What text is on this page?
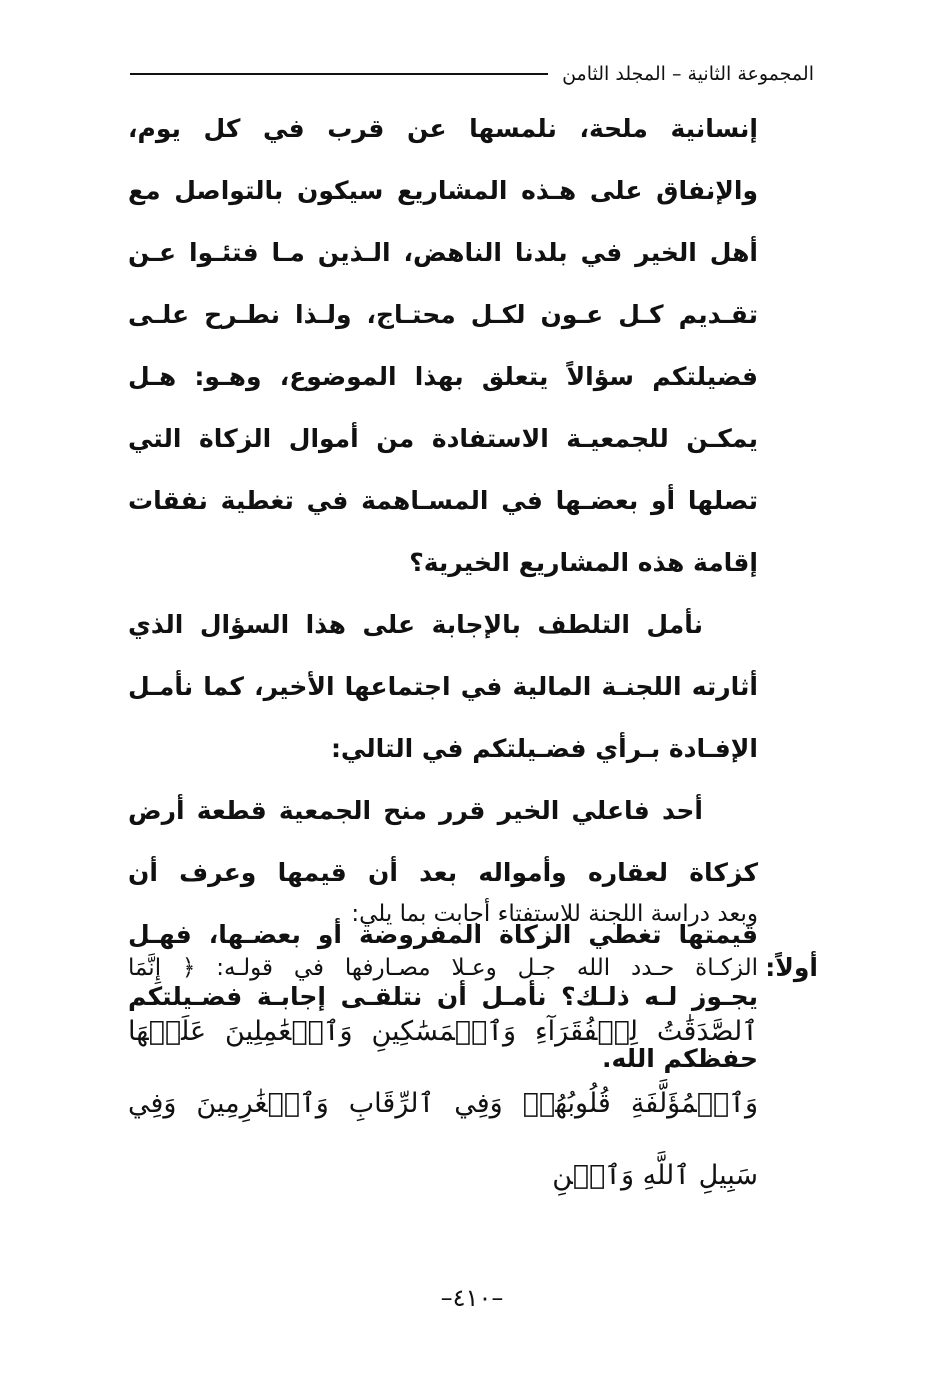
المجموعة الثانية – المجلد الثامن

إنسانية ملحة، نلمسها عن قرب في كل يوم، والإنفاق على هـذه المشاريع سيكون بالتواصل مع أهل الخير في بلدنا الناهض، الـذين مـا فتئـوا عـن تقـديم كـل عـون لكـل محتـاج، ولـذا نطـرح علـى فضيلتكم سؤالاً يتعلق بهذا الموضوع، وهـو: هـل يمكـن للجمعيـة الاستفادة من أموال الزكاة التي تصلها أو بعضـها في المسـاهمة في تغطية نفقات إقامة هذه المشاريع الخيرية؟

نأمل التلطف بالإجابة على هذا السؤال الذي أثارته اللجنـة المالية في اجتماعها الأخير، كما نأمـل الإفـادة بـرأي فضـيلتكم في التالي:

أحد فاعلي الخير قرر منح الجمعية قطعة أرض كزكاة لعقاره وأمواله بعد أن قيمها وعرف أن قيمتها تغطي الزكاة المفروضة أو بعضـها، فهـل يجـوز لـه ذلـك؟ نأمـل أن نتلقـى إجابـة فضـيلتكم حفظكم الله.

وبعد دراسة اللجنة للاستفتاء أجابت بما يلي:
أولاً:
الزكـاة حـدد الله جـل وعـلا مصـارفها في قولـه: ﴿ إِنَّمَا
ٱلصَّدَقَٰتُ لِلۡفُقَرَآءِ وَٱلۡمَسَٰكِينِ وَٱلۡعَٰمِلِينَ عَلَيۡهَا وَٱلۡمُؤَلَّفَةِ قُلُوبُهُمۡ وَفِي ٱلرِّقَابِ وَٱلۡغَٰرِمِينَ وَفِي سَبِيلِ ٱللَّهِ وَٱبۡنِ
–٤١٠–
